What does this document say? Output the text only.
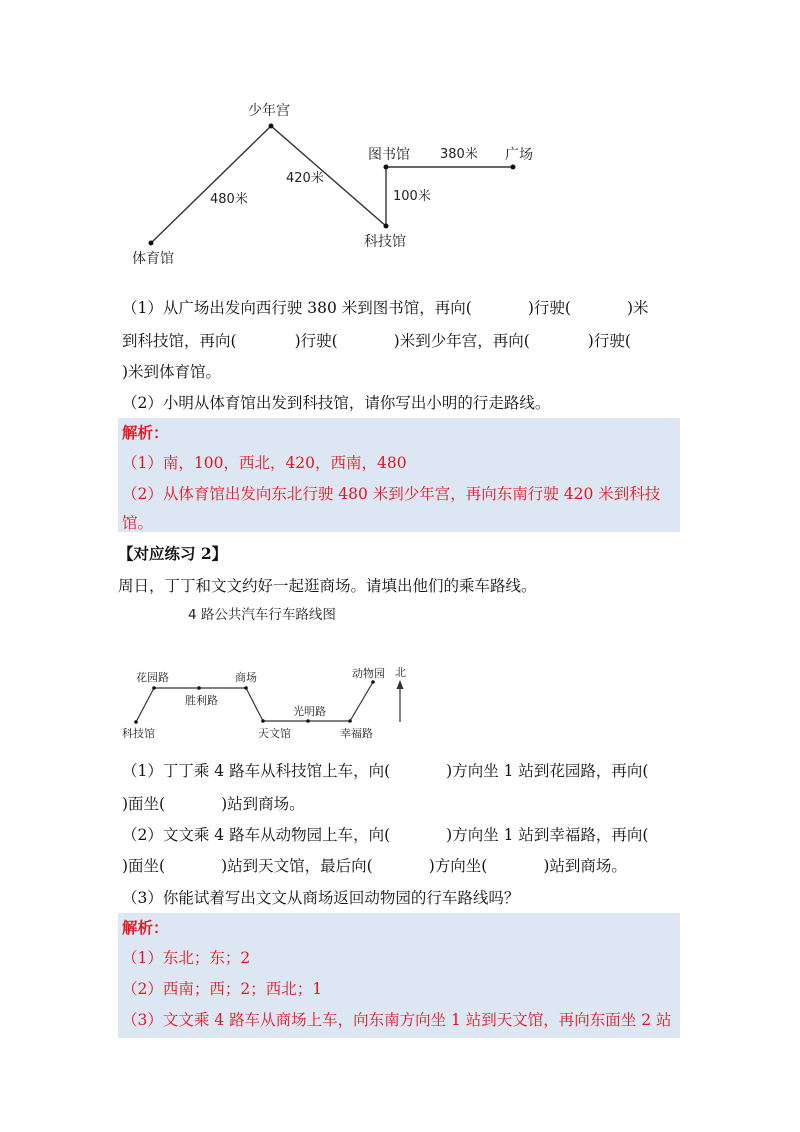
少年宫
体育馆
科技馆
图书馆	广场
480米
420米
100米
380米
（1）从广场出发向西行驶 380 米到图书馆，再向(	)行驶(	)米
到科技馆，再向(	)行驶(	)米到少年宫，再向(	)行驶(
)米到体育馆。
（2）小明从体育馆出发到科技馆，请你写出小明的行走路线。
解析：
（1）南，100，西北，420，西南，480
（2）从体育馆出发向东北行驶 480 米到少年宫，再向东南行驶 420 米到科技
馆。
【对应练习 2】
周日，丁丁和文文约好一起逛商场。请填出他们的乘车路线。
4 路公共汽车行车路线图
花园路
胜利路
商场	动物园
科技馆	天文馆
光明路
幸福路
北
（1）丁丁乘 4 路车从科技馆上车，向(	)方向坐 1 站到花园路，再向(
)面坐(	)站到商场。
（2）文文乘 4 路车从动物园上车，向(	)方向坐 1 站到幸福路，再向(
)面坐(	)站到天文馆，最后向(	)方向坐(	)站到商场。
（3）你能试着写出文文从商场返回动物园的行车路线吗？
解析：
（1）东北；东；2
（2）西南；西；2；西北；1
（3）文文乘 4 路车从商场上车，向东南方向坐 1 站到天文馆，再向东面坐 2 站
